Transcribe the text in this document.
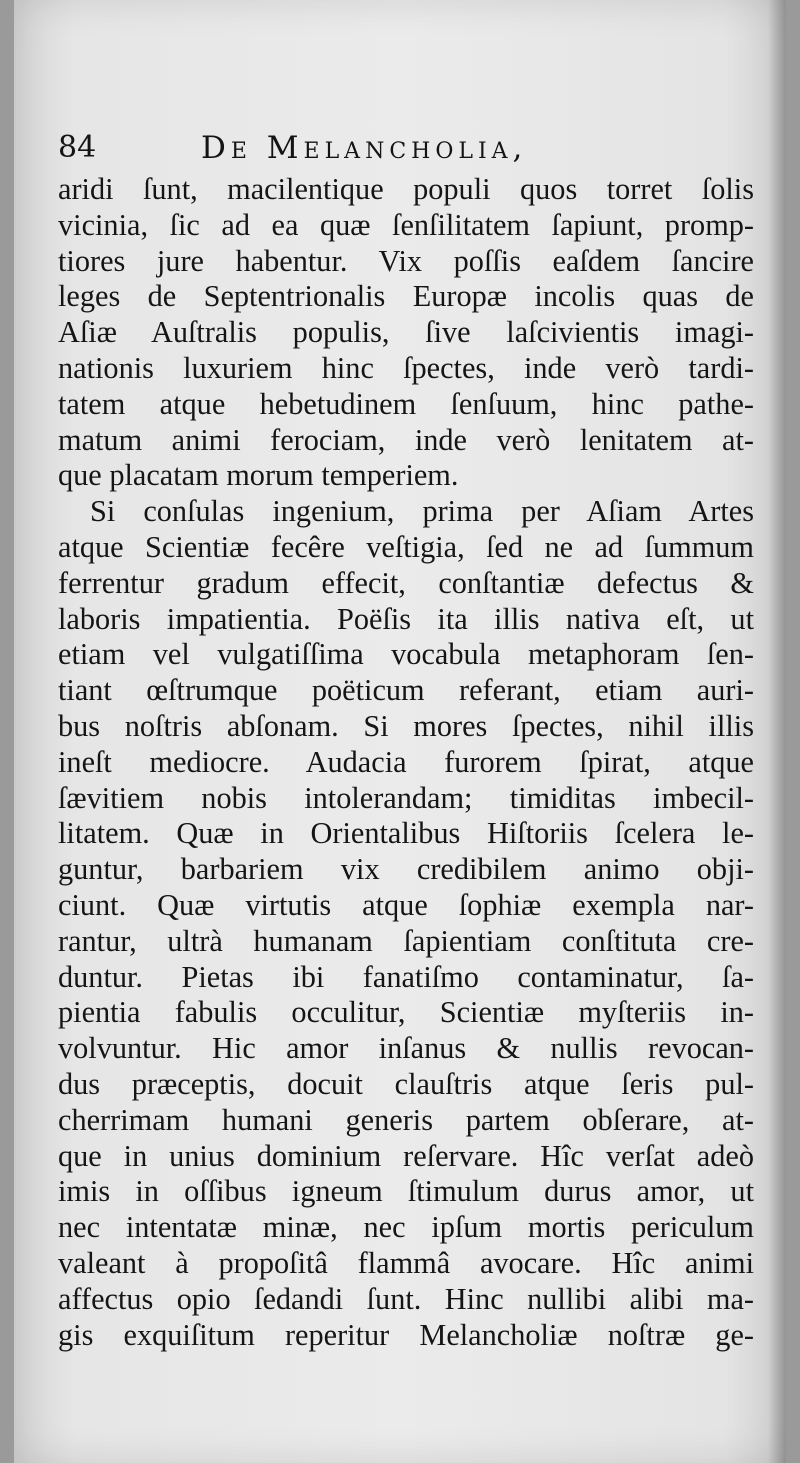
84	De Melancholia,
aridi ſunt, macilentique populi quos torret ſolis
vicinia, ſic ad ea quæ ſenſilitatem ſapiunt, promp-
tiores jure habentur. Vix poſſis eaſdem ſancire
leges de Septentrionalis Europæ incolis quas de
Aſiæ Auſtralis populis, ſive laſcivientis imagi-
nationis luxuriem hinc ſpectes, inde verò tardi-
tatem atque hebetudinem ſenſuum, hinc pathe-
matum animi ferociam, inde verò lenitatem at-
que placatam morum temperiem.
Si conſulas ingenium, prima per Aſiam Artes
atque Scientiæ fecêre veſtigia, ſed ne ad ſummum
ferrentur gradum effecit, conſtantiæ defectus &
laboris impatientia. Poëſis ita illis nativa eſt, ut
etiam vel vulgatiſſima vocabula metaphoram ſen-
tiant œſtrumque poëticum referant, etiam auri-
bus noſtris abſonam. Si mores ſpectes, nihil illis
ineſt mediocre. Audacia furorem ſpirat, atque
ſævitiem nobis intolerandam; timiditas imbecil-
litatem. Quæ in Orientalibus Hiſtoriis ſcelera le-
guntur, barbariem vix credibilem animo obji-
ciunt. Quæ virtutis atque ſophiæ exempla nar-
rantur, ultrà humanam ſapientiam conſtituta cre-
duntur. Pietas ibi fanatiſmo contaminatur, ſa-
pientia fabulis occulitur, Scientiæ myſteriis in-
volvuntur. Hic amor inſanus & nullis revocan-
dus præceptis, docuit clauſtris atque ſeris pul-
cherrimam humani generis partem obſerare, at-
que in unius dominium reſervare. Hîc verſat adeò
imis in oſſibus igneum ſtimulum durus amor, ut
nec intentatæ minæ, nec ipſum mortis periculum
valeant à propoſitâ flammâ avocare. Hîc animi
affectus opio ſedandi ſunt. Hinc nullibi alibi ma-
gis exquiſitum reperitur Melancholiæ noſtræ ge-
